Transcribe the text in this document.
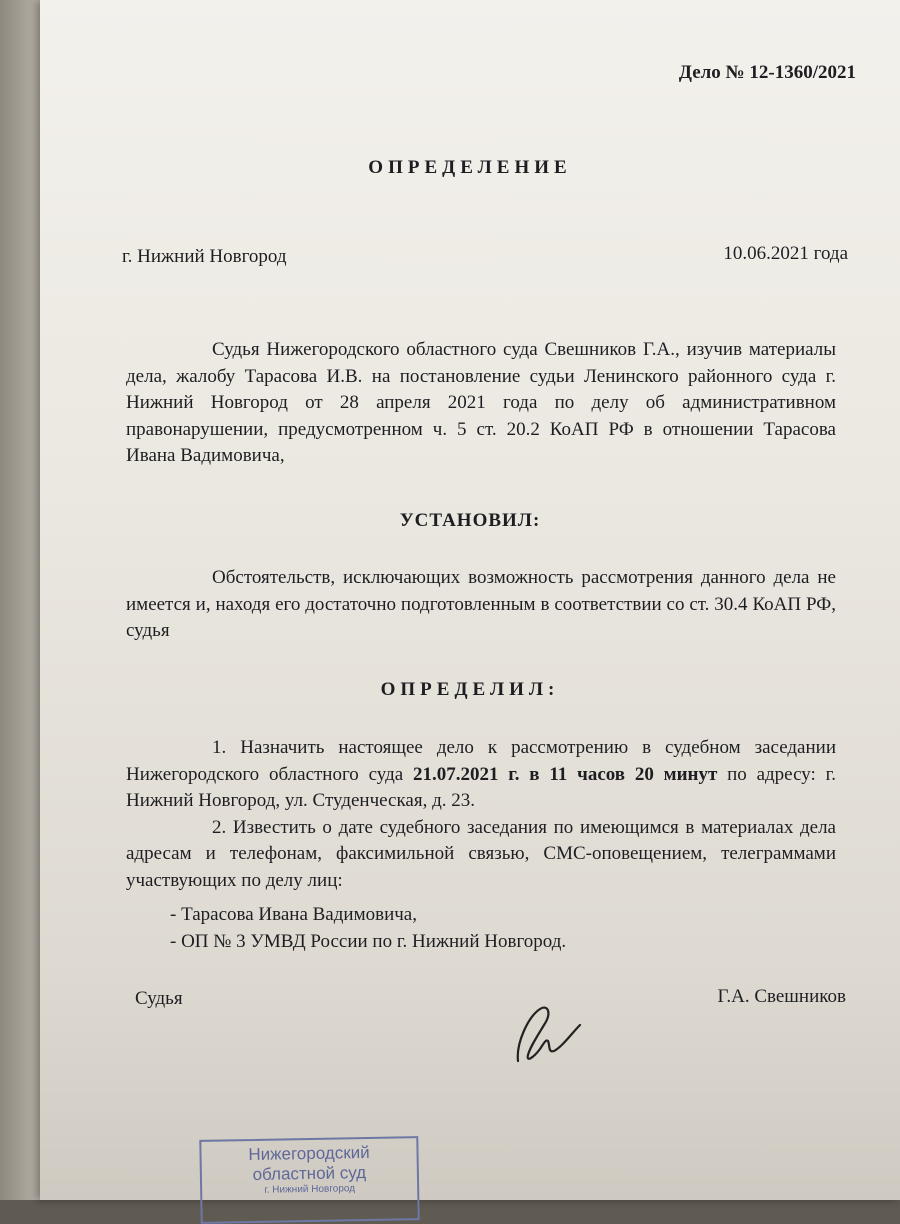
Дело № 12-1360/2021
ОПРЕДЕЛЕНИЕ
г. Нижний Новгород	10.06.2021 года
Судья Нижегородского областного суда Свешников Г.А., изучив материалы дела, жалобу Тарасова И.В. на постановление судьи Ленинского районного суда г. Нижний Новгород от 28 апреля 2021 года по делу об административном правонарушении, предусмотренном ч. 5 ст. 20.2 КоАП РФ в отношении Тарасова Ивана Вадимовича,
УСТАНОВИЛ:
Обстоятельств, исключающих возможность рассмотрения данного дела не имеется и, находя его достаточно подготовленным в соответствии со ст. 30.4 КоАП РФ, судья
ОПРЕДЕЛИЛ:
1. Назначить настоящее дело к рассмотрению в судебном заседании Нижегородского областного суда 21.07.2021 г. в 11 часов 20 минут по адресу: г. Нижний Новгород, ул. Студенческая, д. 23.
2. Известить о дате судебного заседания по имеющимся в материалах дела адресам и телефонам, факсимильной связью, СМС-оповещением, телеграммами участвующих по делу лиц:
- Тарасова Ивана Вадимовича,
- ОП № 3 УМВД России по г. Нижний Новгород.
Судья	Г.А. Свешников
Нижегородский
областной суд
г. Нижний Новгород
